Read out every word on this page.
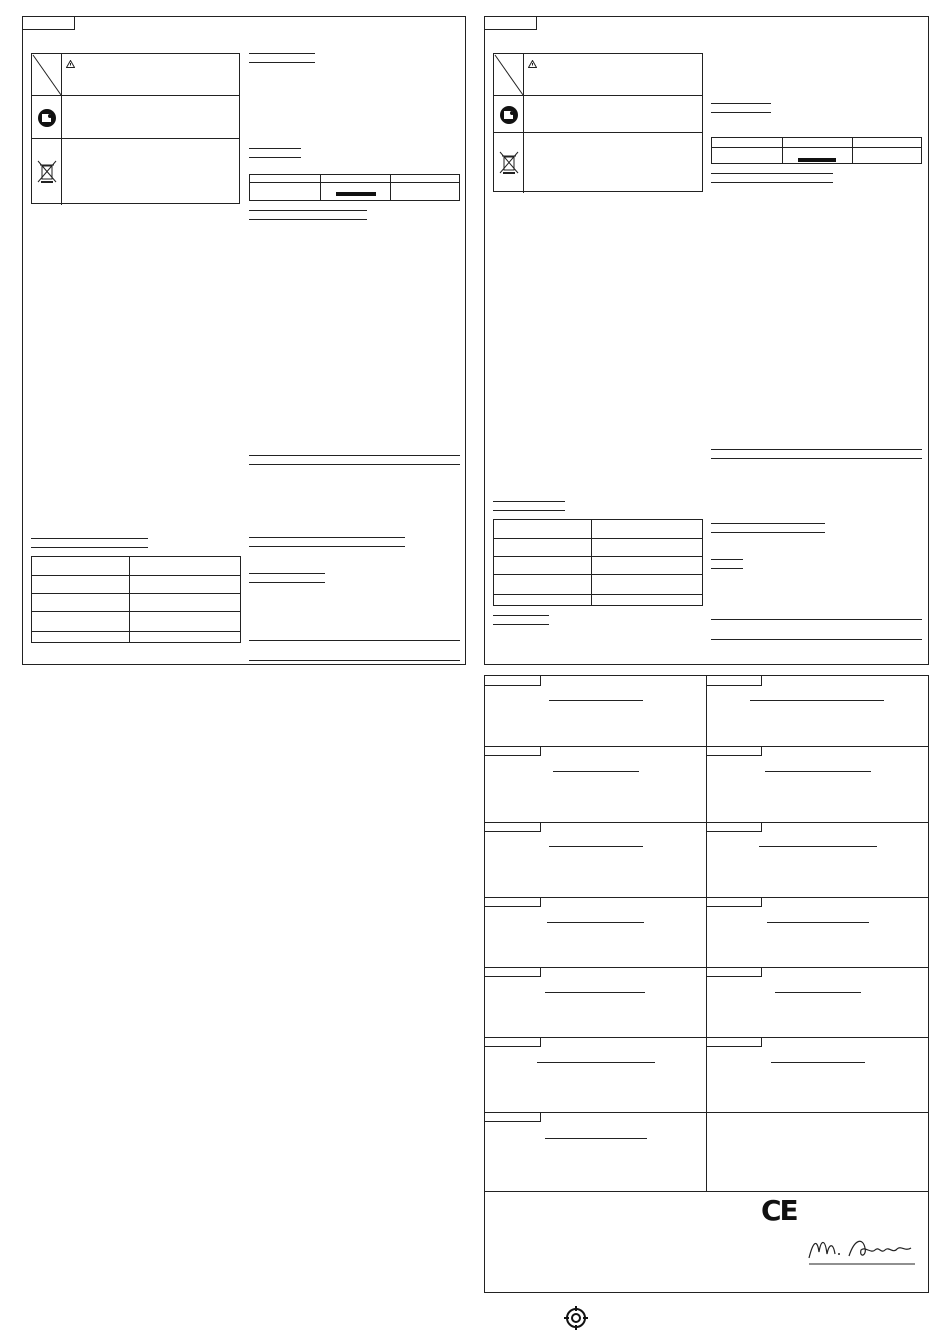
CE
